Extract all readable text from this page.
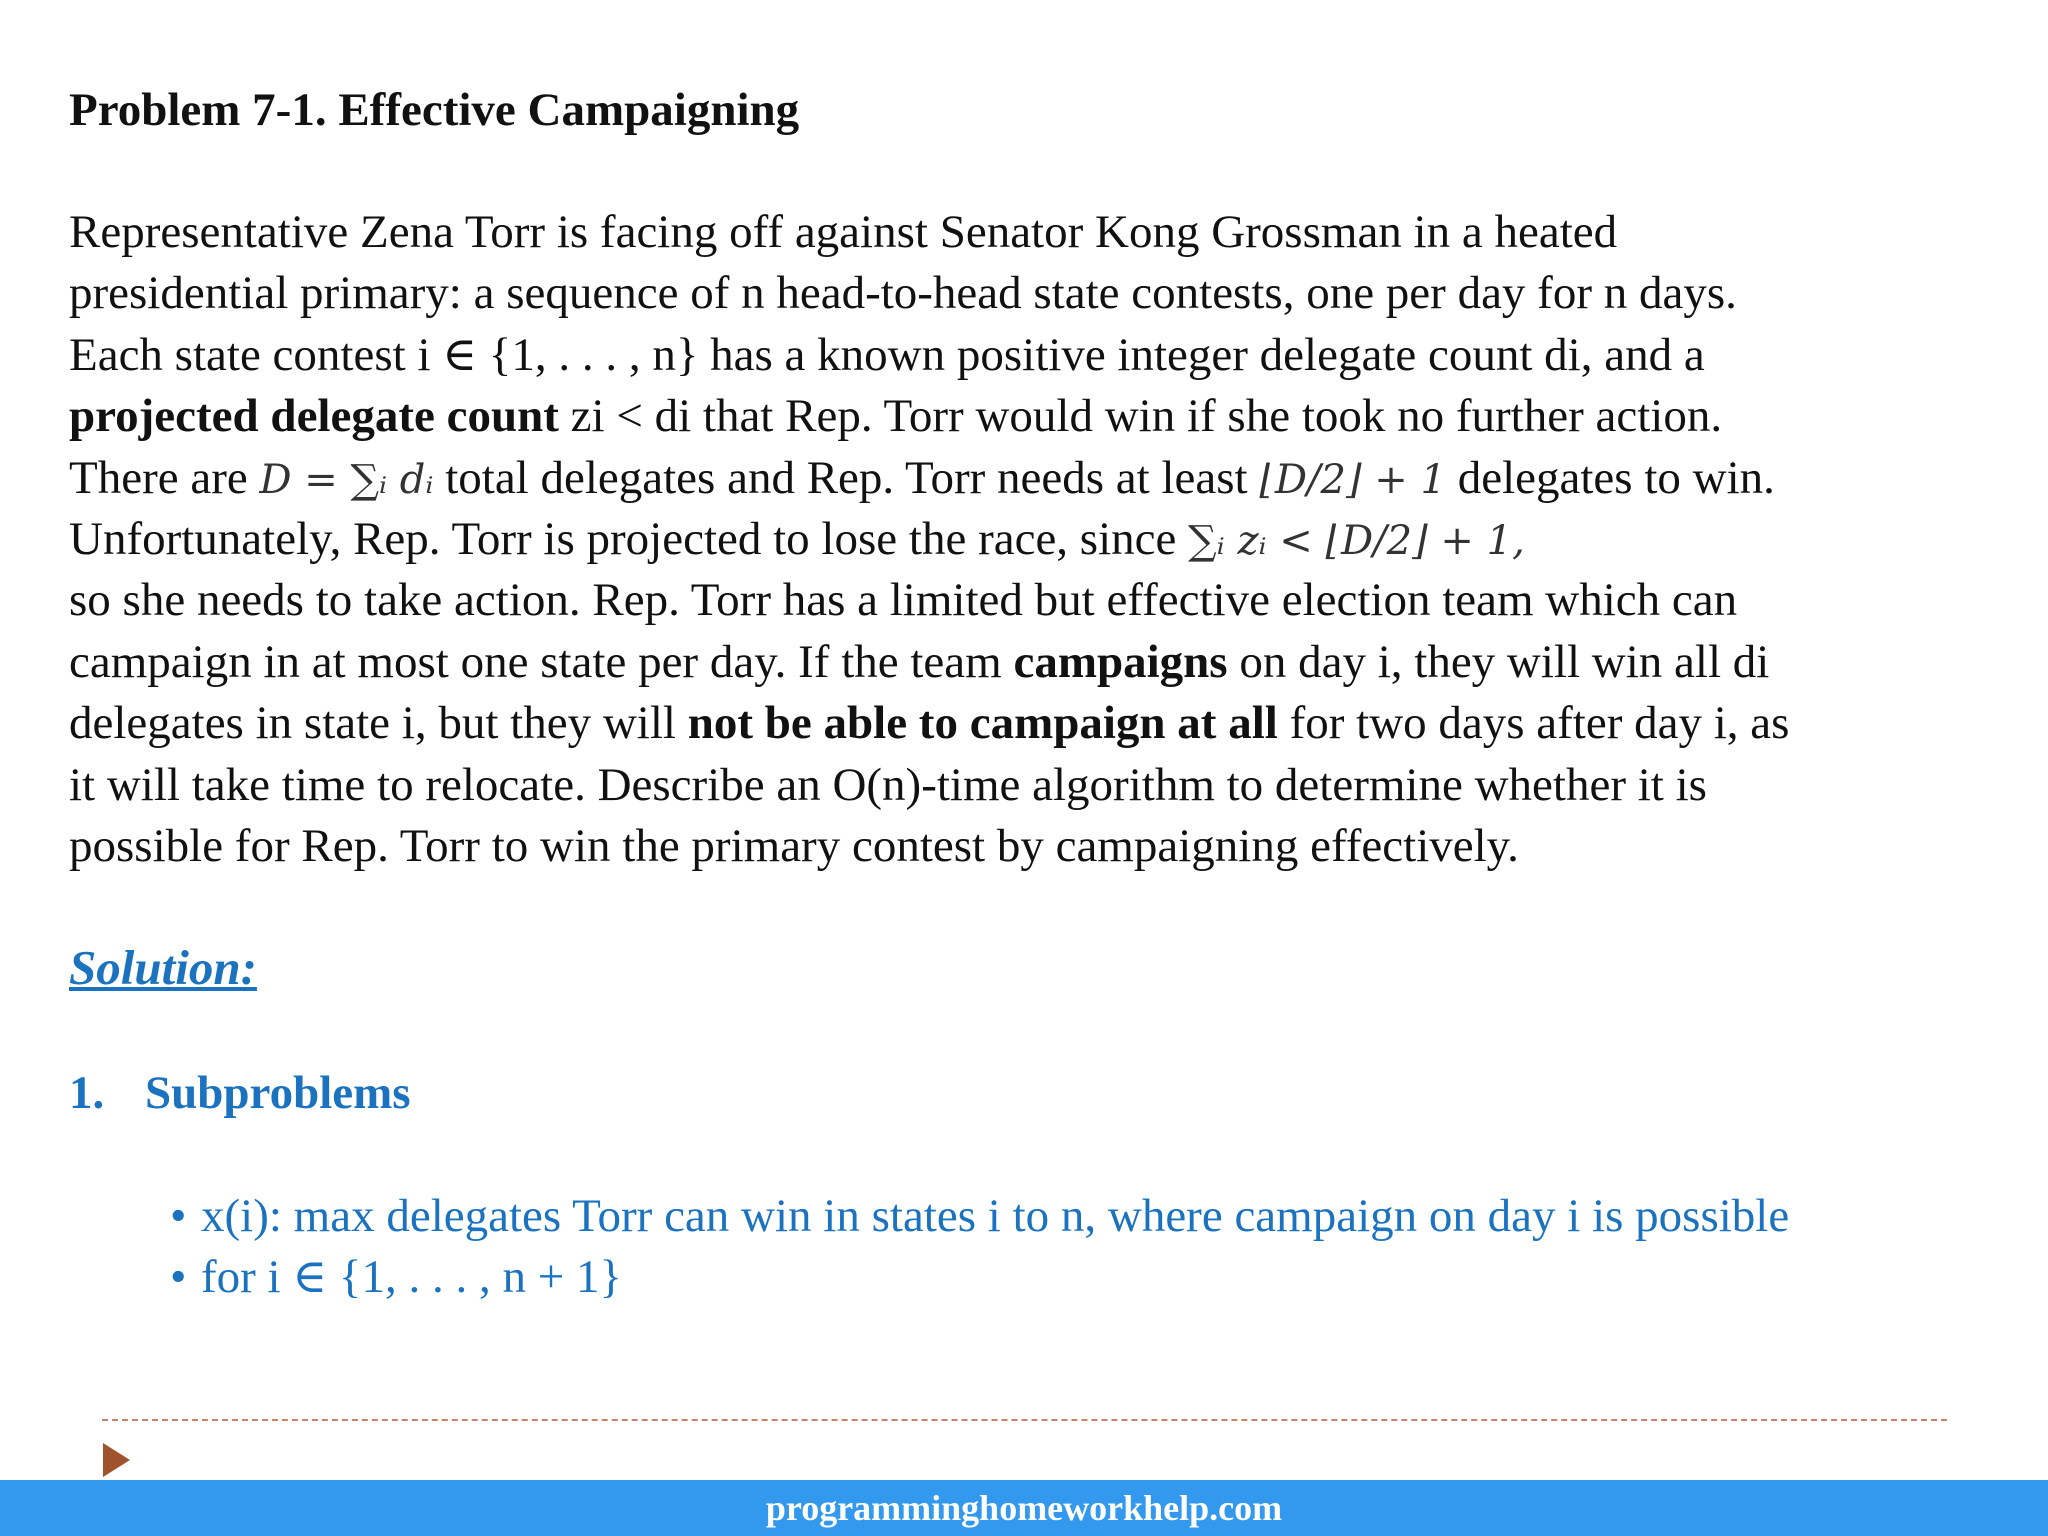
Problem 7-1. Effective Campaigning
Representative Zena Torr is facing off against Senator Kong Grossman in a heated
presidential primary: a sequence of n head-to-head state contests, one per day for n days.
Each state contest i ∈ {1, . . . , n} has a known positive integer delegate count di, and a
projected delegate count zi < di that Rep. Torr would win if she took no further action.
There are D = ∑ᵢ dᵢ total delegates and Rep. Torr needs at least ⌊D/2⌋ + 1 delegates to win.
Unfortunately, Rep. Torr is projected to lose the race, since ∑ᵢ zᵢ < ⌊D/2⌋ + 1,
so she needs to take action. Rep. Torr has a limited but effective election team which can
campaign in at most one state per day. If the team campaigns on day i, they will win all di
delegates in state i, but they will not be able to campaign at all for two days after day i, as
it will take time to relocate. Describe an O(n)-time algorithm to determine whether it is
possible for Rep. Torr to win the primary contest by campaigning effectively.
Solution:
1. Subproblems
• x(i): max delegates Torr can win in states i to n, where campaign on day i is possible
• for i ∈ {1, . . . , n + 1}
programminghomeworkhelp.com
